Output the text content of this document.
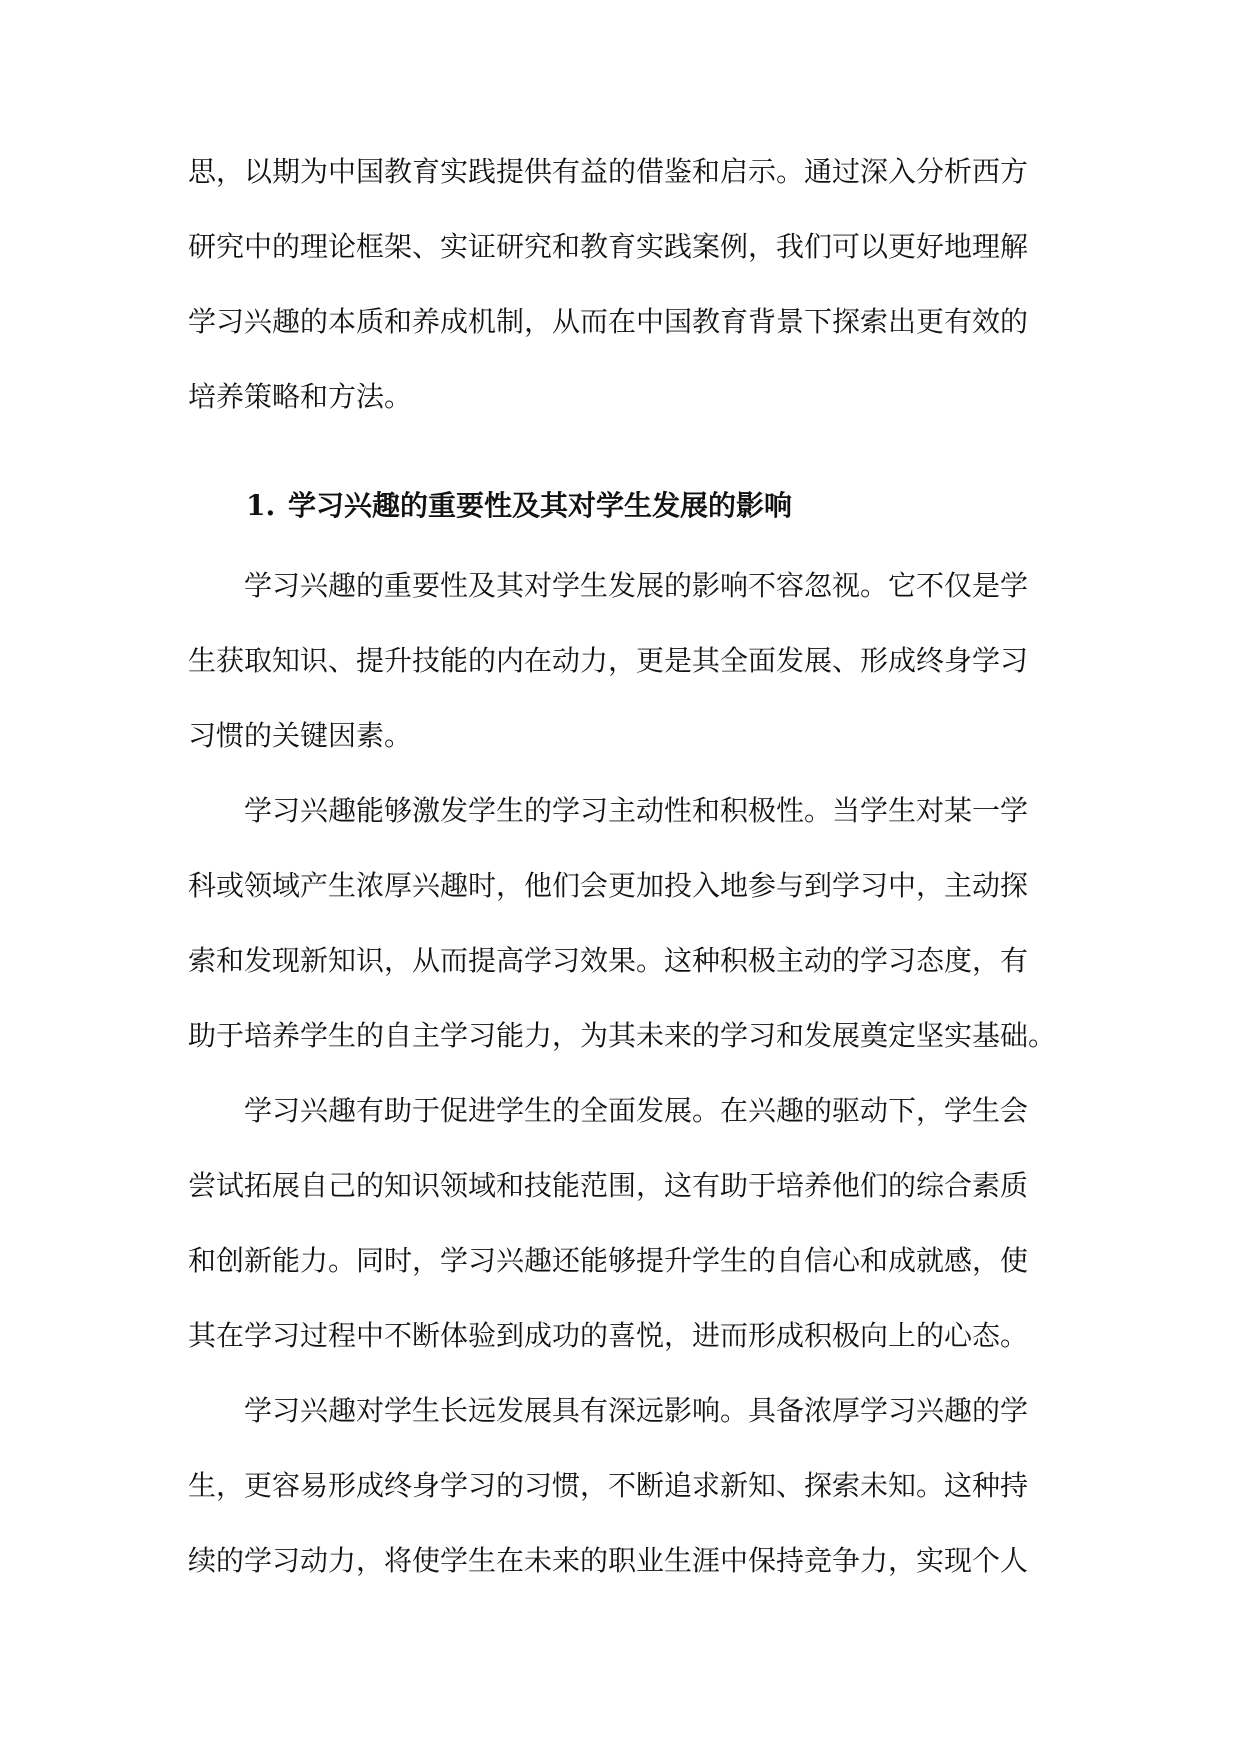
思，以期为中国教育实践提供有益的借鉴和启示。通过深入分析西方
研究中的理论框架、实证研究和教育实践案例，我们可以更好地理解
学习兴趣的本质和养成机制，从而在中国教育背景下探索出更有效的
培养策略和方法。
1. 学习兴趣的重要性及其对学生发展的影响
学习兴趣的重要性及其对学生发展的影响不容忽视。它不仅是学
生获取知识、提升技能的内在动力，更是其全面发展、形成终身学习
习惯的关键因素。
学习兴趣能够激发学生的学习主动性和积极性。当学生对某一学
科或领域产生浓厚兴趣时，他们会更加投入地参与到学习中，主动探
索和发现新知识，从而提高学习效果。这种积极主动的学习态度，有
助于培养学生的自主学习能力，为其未来的学习和发展奠定坚实基础。
学习兴趣有助于促进学生的全面发展。在兴趣的驱动下，学生会
尝试拓展自己的知识领域和技能范围，这有助于培养他们的综合素质
和创新能力。同时，学习兴趣还能够提升学生的自信心和成就感，使
其在学习过程中不断体验到成功的喜悦，进而形成积极向上的心态。
学习兴趣对学生长远发展具有深远影响。具备浓厚学习兴趣的学
生，更容易形成终身学习的习惯，不断追求新知、探索未知。这种持
续的学习动力，将使学生在未来的职业生涯中保持竞争力，实现个人
